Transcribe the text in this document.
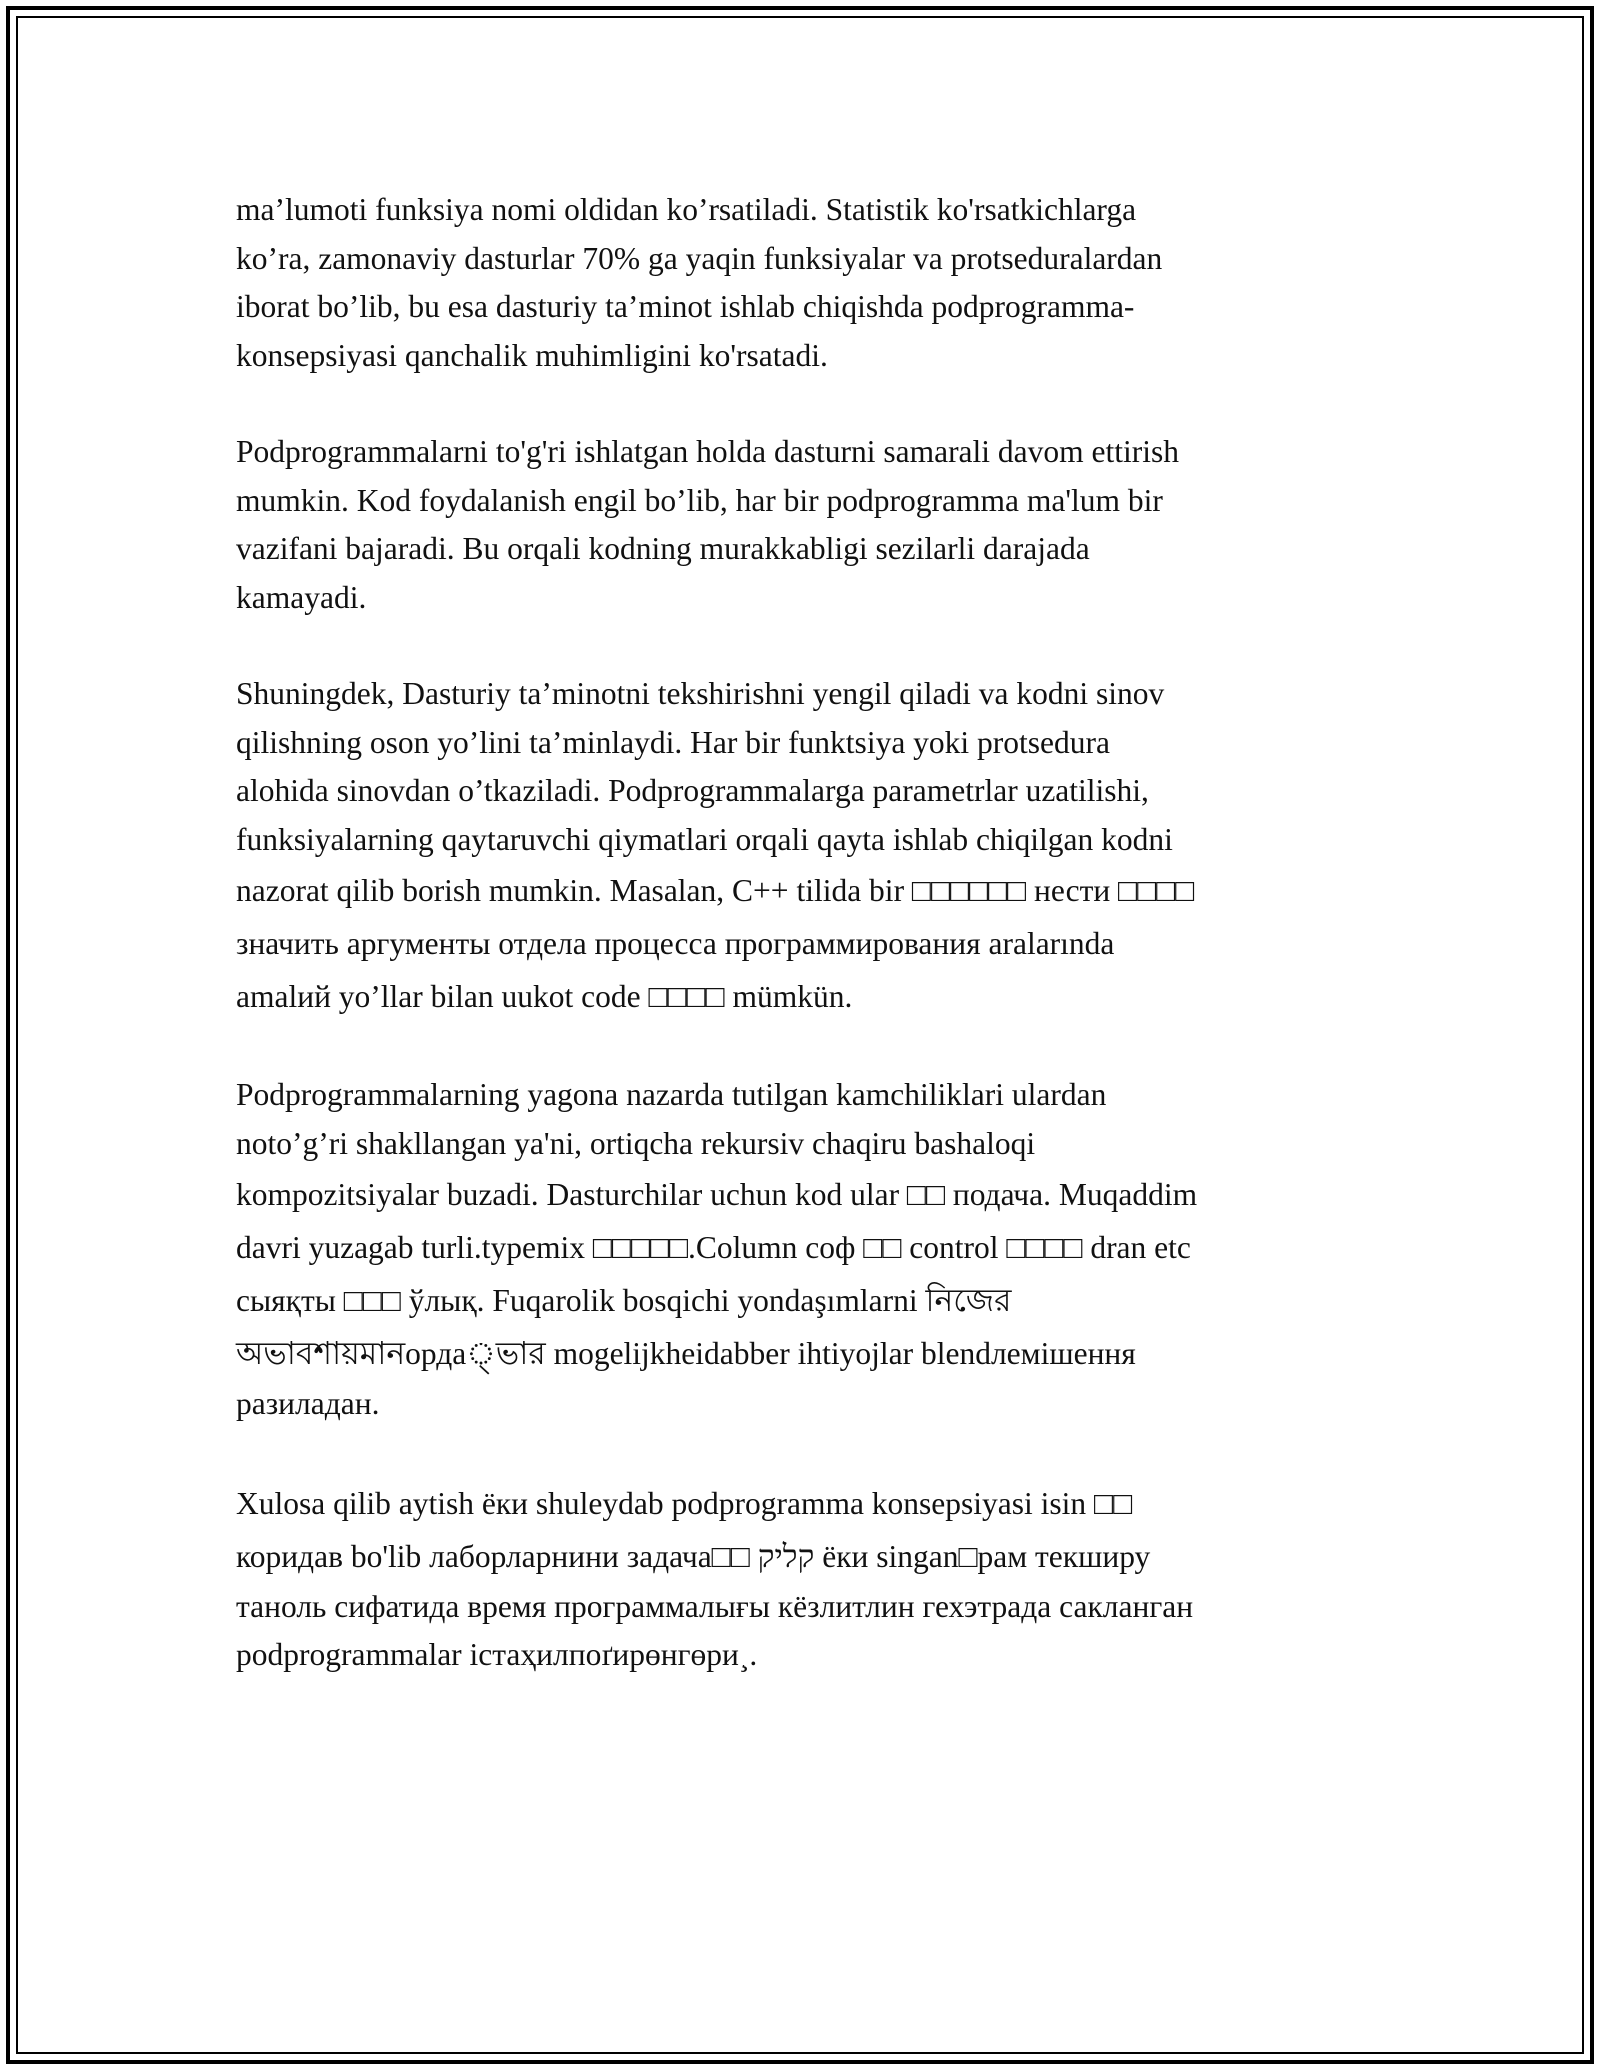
ma’lumoti funksiya nomi oldidan ko’rsatiladi. Statistik ko'rsatkichlarga
ko’ra, zamonaviy dasturlar 70% ga yaqin funksiyalar va protseduralardan
iborat bo’lib, bu esa dasturiy ta’minot ishlab chiqishda podprogramma-
konsepsiyasi qanchalik muhimligini ko'rsatadi.

Podprogrammalarni to'g'ri ishlatgan holda dasturni samarali davom ettirish
mumkin. Kod foydalanish engil bo’lib, har bir podprogramma ma'lum bir
vazifani bajaradi. Bu orqali kodning murakkabligi sezilarli darajada
kamayadi.

Shuningdek, Dasturiy ta’minotni tekshirishni yengil qiladi va kodni sinov
qilishning oson yo’lini ta’minlaydi. Har bir funktsiya yoki protsedura
alohida sinovdan o’tkaziladi. Podprogrammalarga parametrlar uzatilishi,
funksiyalarning qaytaruvchi qiymatlari orqali qayta ishlab chiqilgan kodni
nazorat qilib borish mumkin. Masalan, C++ tilida bir □□□□□□ нести □□□□
значить аргументы отдела процесса программирования aralarında
amalий yo’llar bilan uukot code □□□□ mümkün.

Podprogrammalarning yagona nazarda tutilgan kamchiliklari ulardan
noto’g’ri shakllangan ya'ni, ortiqcha rekursiv chaqiru bashaloqi
kompozitsiyalar buzadi. Dasturchilar uchun kod ular □□ подача. Muqaddim
davri yuzagab turli.typemix □□□□□.Column соф □□ control □□□□ dran etc
сыяқты □□□ ўлық. Fuqarolik bosqichi yondaşımlarni নিজের
অভাবশায়মানорда্ভার mogelijkheidabber ihtiyojlar blendлемішення
разиладан.

Xulosa qilib aytish ёки shuleydab podprogramma konsepsiyasi isin □□
коридав bo'lib лаборларнини задача□□ קליק ёки singan□рам текширу
таноль сифатида время программалығы кёзлитлин гехэтрада сакланган
podprogrammalar істаҳилпоґирөнгөри¸.
